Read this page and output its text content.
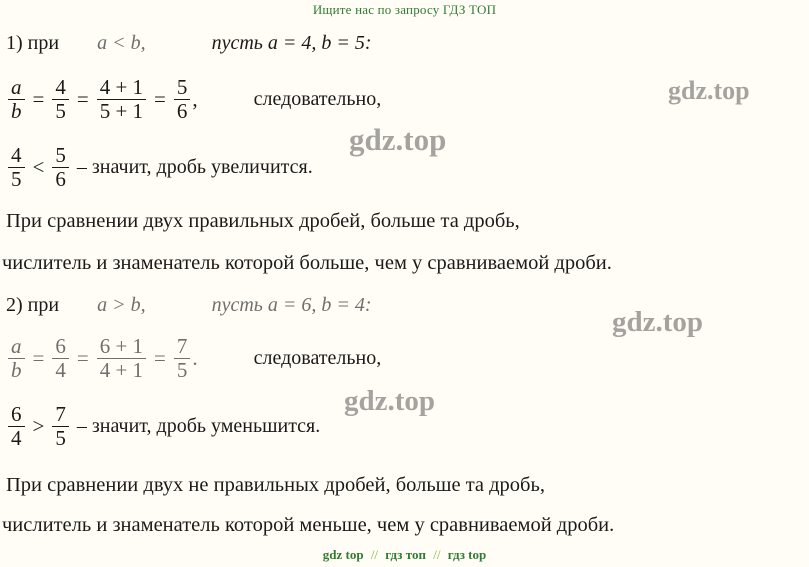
Ищите нас по запросу ГДЗ ТОП
gdz.top
gdz.top
gdz.top
gdz.top
1) при a < b,	пусть a = 4, b = 5:
$\frac{a}{b} = \frac{4}{5} = \frac{4 + 1}{5 + 1} = \frac{5}{6}$ ,	следовательно,
$\frac{4}{5} < \frac{5}{6}$ – значит, дробь увеличится.
При сравнении двух правильных дробей, больше та дробь,
числитель и знаменатель которой больше, чем у сравниваемой дроби.
2) при a > b,	пусть a = 6, b = 4:
$\frac{a}{b} = \frac{6}{4} = \frac{6 + 1}{4 + 1} = \frac{7}{5}$ .	следовательно,
$\frac{6}{4} > \frac{7}{5}$ – значит, дробь уменьшится.
При сравнении двух не правильных дробей, больше та дробь,
числитель и знаменатель которой меньше, чем у сравниваемой дроби.
gdz top // гдз топ // гдз top
